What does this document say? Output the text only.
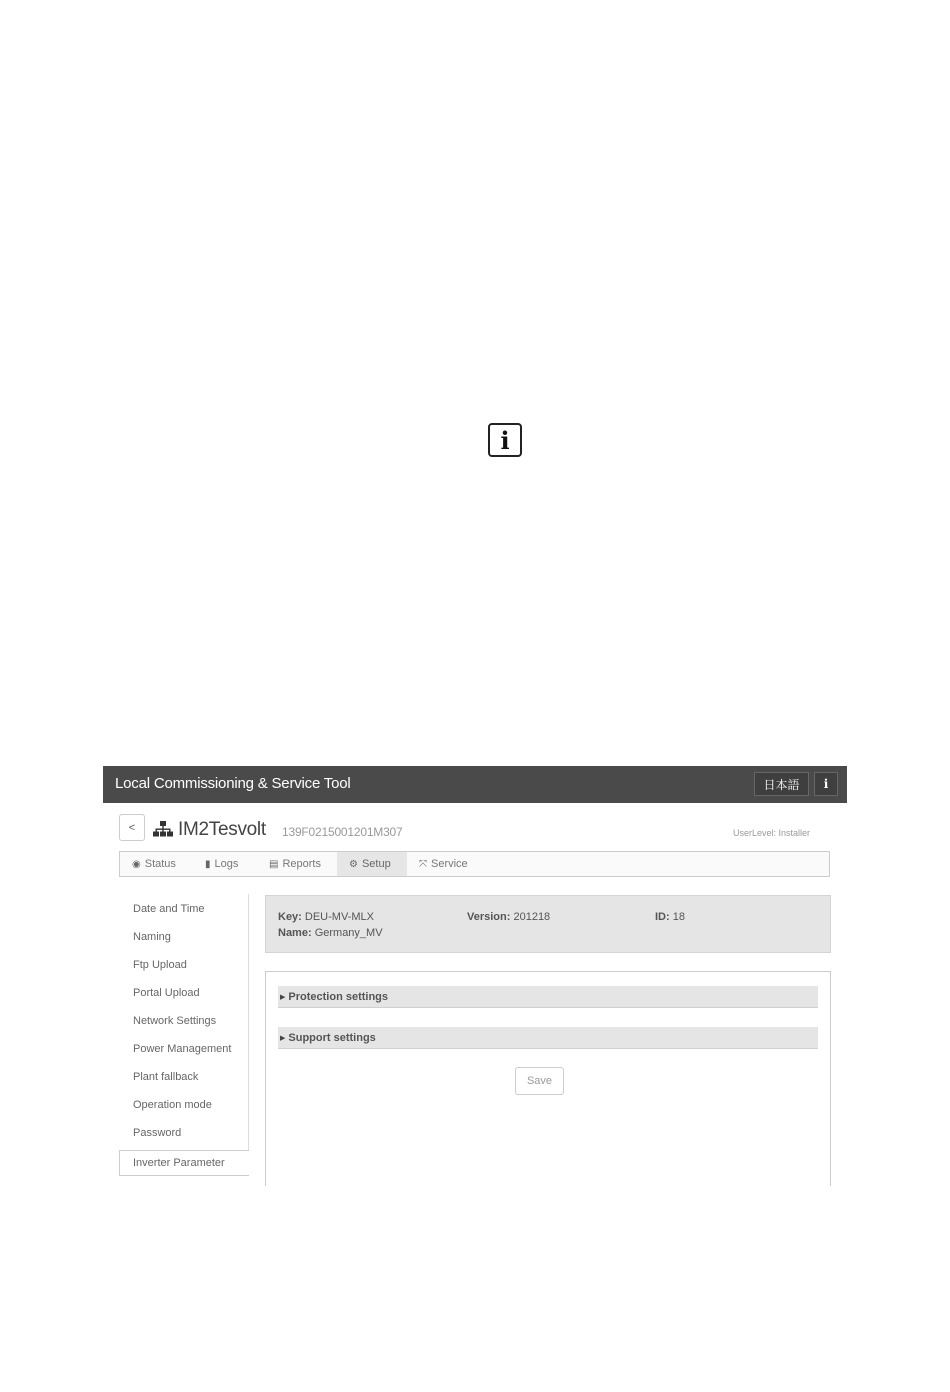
i
Local Commissioning & Service Tool	日本語	i
<	IM2Tesvolt 139F0215001201M307	UserLevel: Installer
◉ Status	▮ Logs	▤ Reports	⚙ Setup	⤧ Service
Date and Time
Naming
Ftp Upload
Portal Upload
Network Settings
Power Management
Plant fallback
Operation mode
Password
Inverter Parameter
Key: DEU-MV-MLX	Version: 201218	ID: 18
Name: Germany_MV
▶ Protection settings
▶ Support settings
Save
